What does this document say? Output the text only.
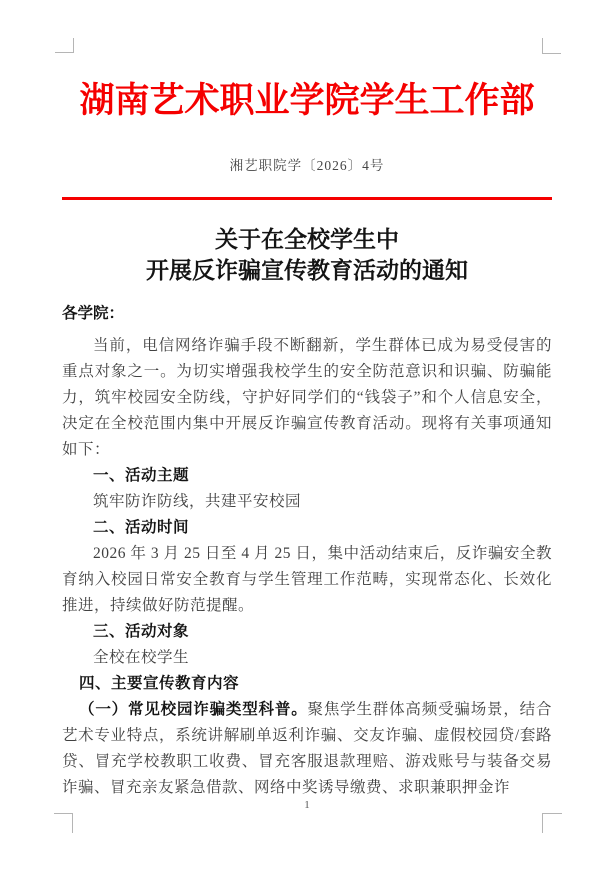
湖南艺术职业学院学生工作部
湘艺职院学〔2026〕4号
关于在全校学生中
开展反诈骗宣传教育活动的通知

各学院：

当前，电信网络诈骗手段不断翻新，学生群体已成为易受侵害的重点对象之一。为切实增强我校学生的安全防范意识和识骗、防骗能力，筑牢校园安全防线，守护好同学们的“钱袋子”和个人信息安全，决定在全校范围内集中开展反诈骗宣传教育活动。现将有关事项通知如下：

一、活动主题

筑牢防诈防线，共建平安校园

二、活动时间

2026 年 3 月 25 日至 4 月 25 日，集中活动结束后，反诈骗安全教育纳入校园日常安全教育与学生管理工作范畴，实现常态化、长效化推进，持续做好防范提醒。

三、活动对象

全校在校学生

四、主要宣传教育内容

（一）常见校园诈骗类型科普。聚焦学生群体高频受骗场景，结合艺术专业特点，系统讲解刷单返利诈骗、交友诈骗、虚假校园贷/套路贷、冒充学校教职工收费、冒充客服退款理赔、游戏账号与装备交易诈骗、冒充亲友紧急借款、网络中奖诱导缴费、求职兼职押金诈

1
